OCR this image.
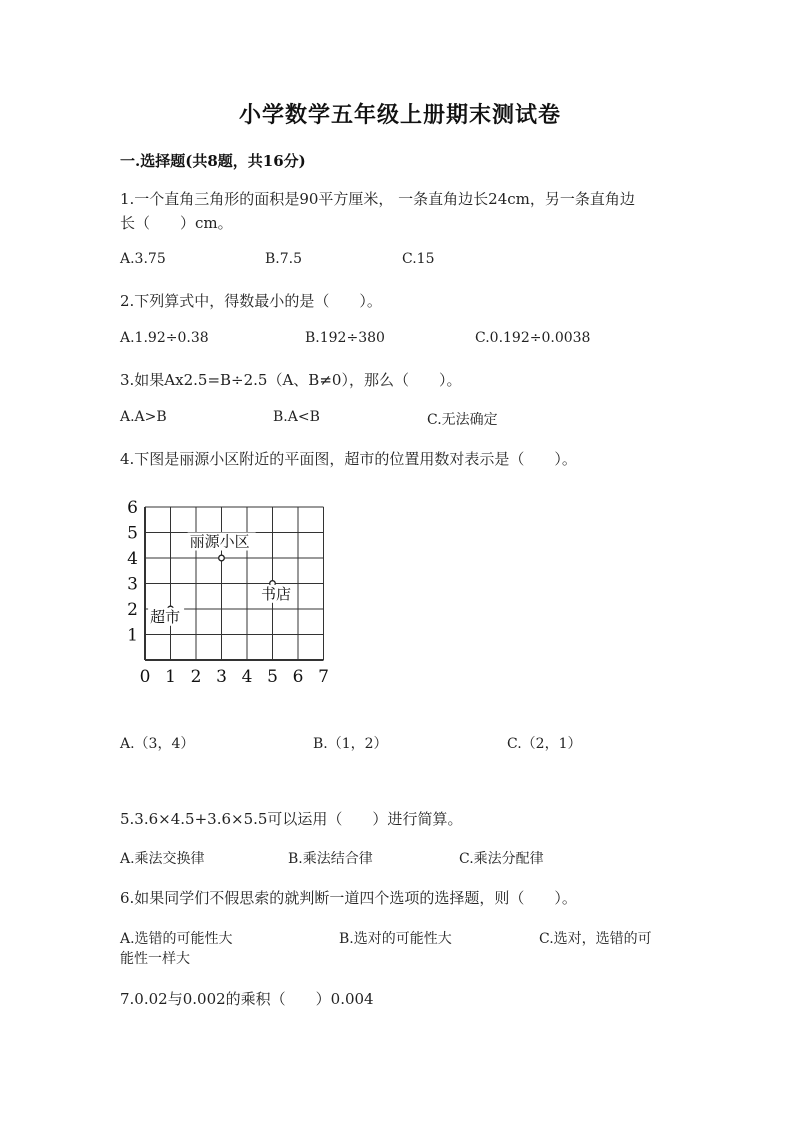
小学数学五年级上册期末测试卷
一.选择题(共8题，共16分)
1.一个直角三角形的面积是90平方厘米， 一条直角边长24cm，另一条直角边
长（　　）cm。
A.3.75	B.7.5	C.15
2.下列算式中，得数最小的是（　　）。
A.1.92÷0.38	B.192÷380	C.0.192÷0.0038
3.如果Ax2.5=B÷2.5（A、B≠0），那么（　　）。
A.A>B	B.A<B	C.无法确定
4.下图是丽源小区附近的平面图，超市的位置用数对表示是（　　）。
0 1 2 3 4 5 6 7
1
2
3
4
5
6
丽源小区
书店
超市
A.（3，4）	B.（1，2）	C.（2，1）
5.3.6×4.5+3.6×5.5可以运用（　　）进行简算。
A.乘法交换律	B.乘法结合律	C.乘法分配律
6.如果同学们不假思索的就判断一道四个选项的选择题，则（　　）。
A.选错的可能性大	B.选对的可能性大	C.选对，选错的可
能性一样大
7.0.02与0.002的乘积（　　）0.004
